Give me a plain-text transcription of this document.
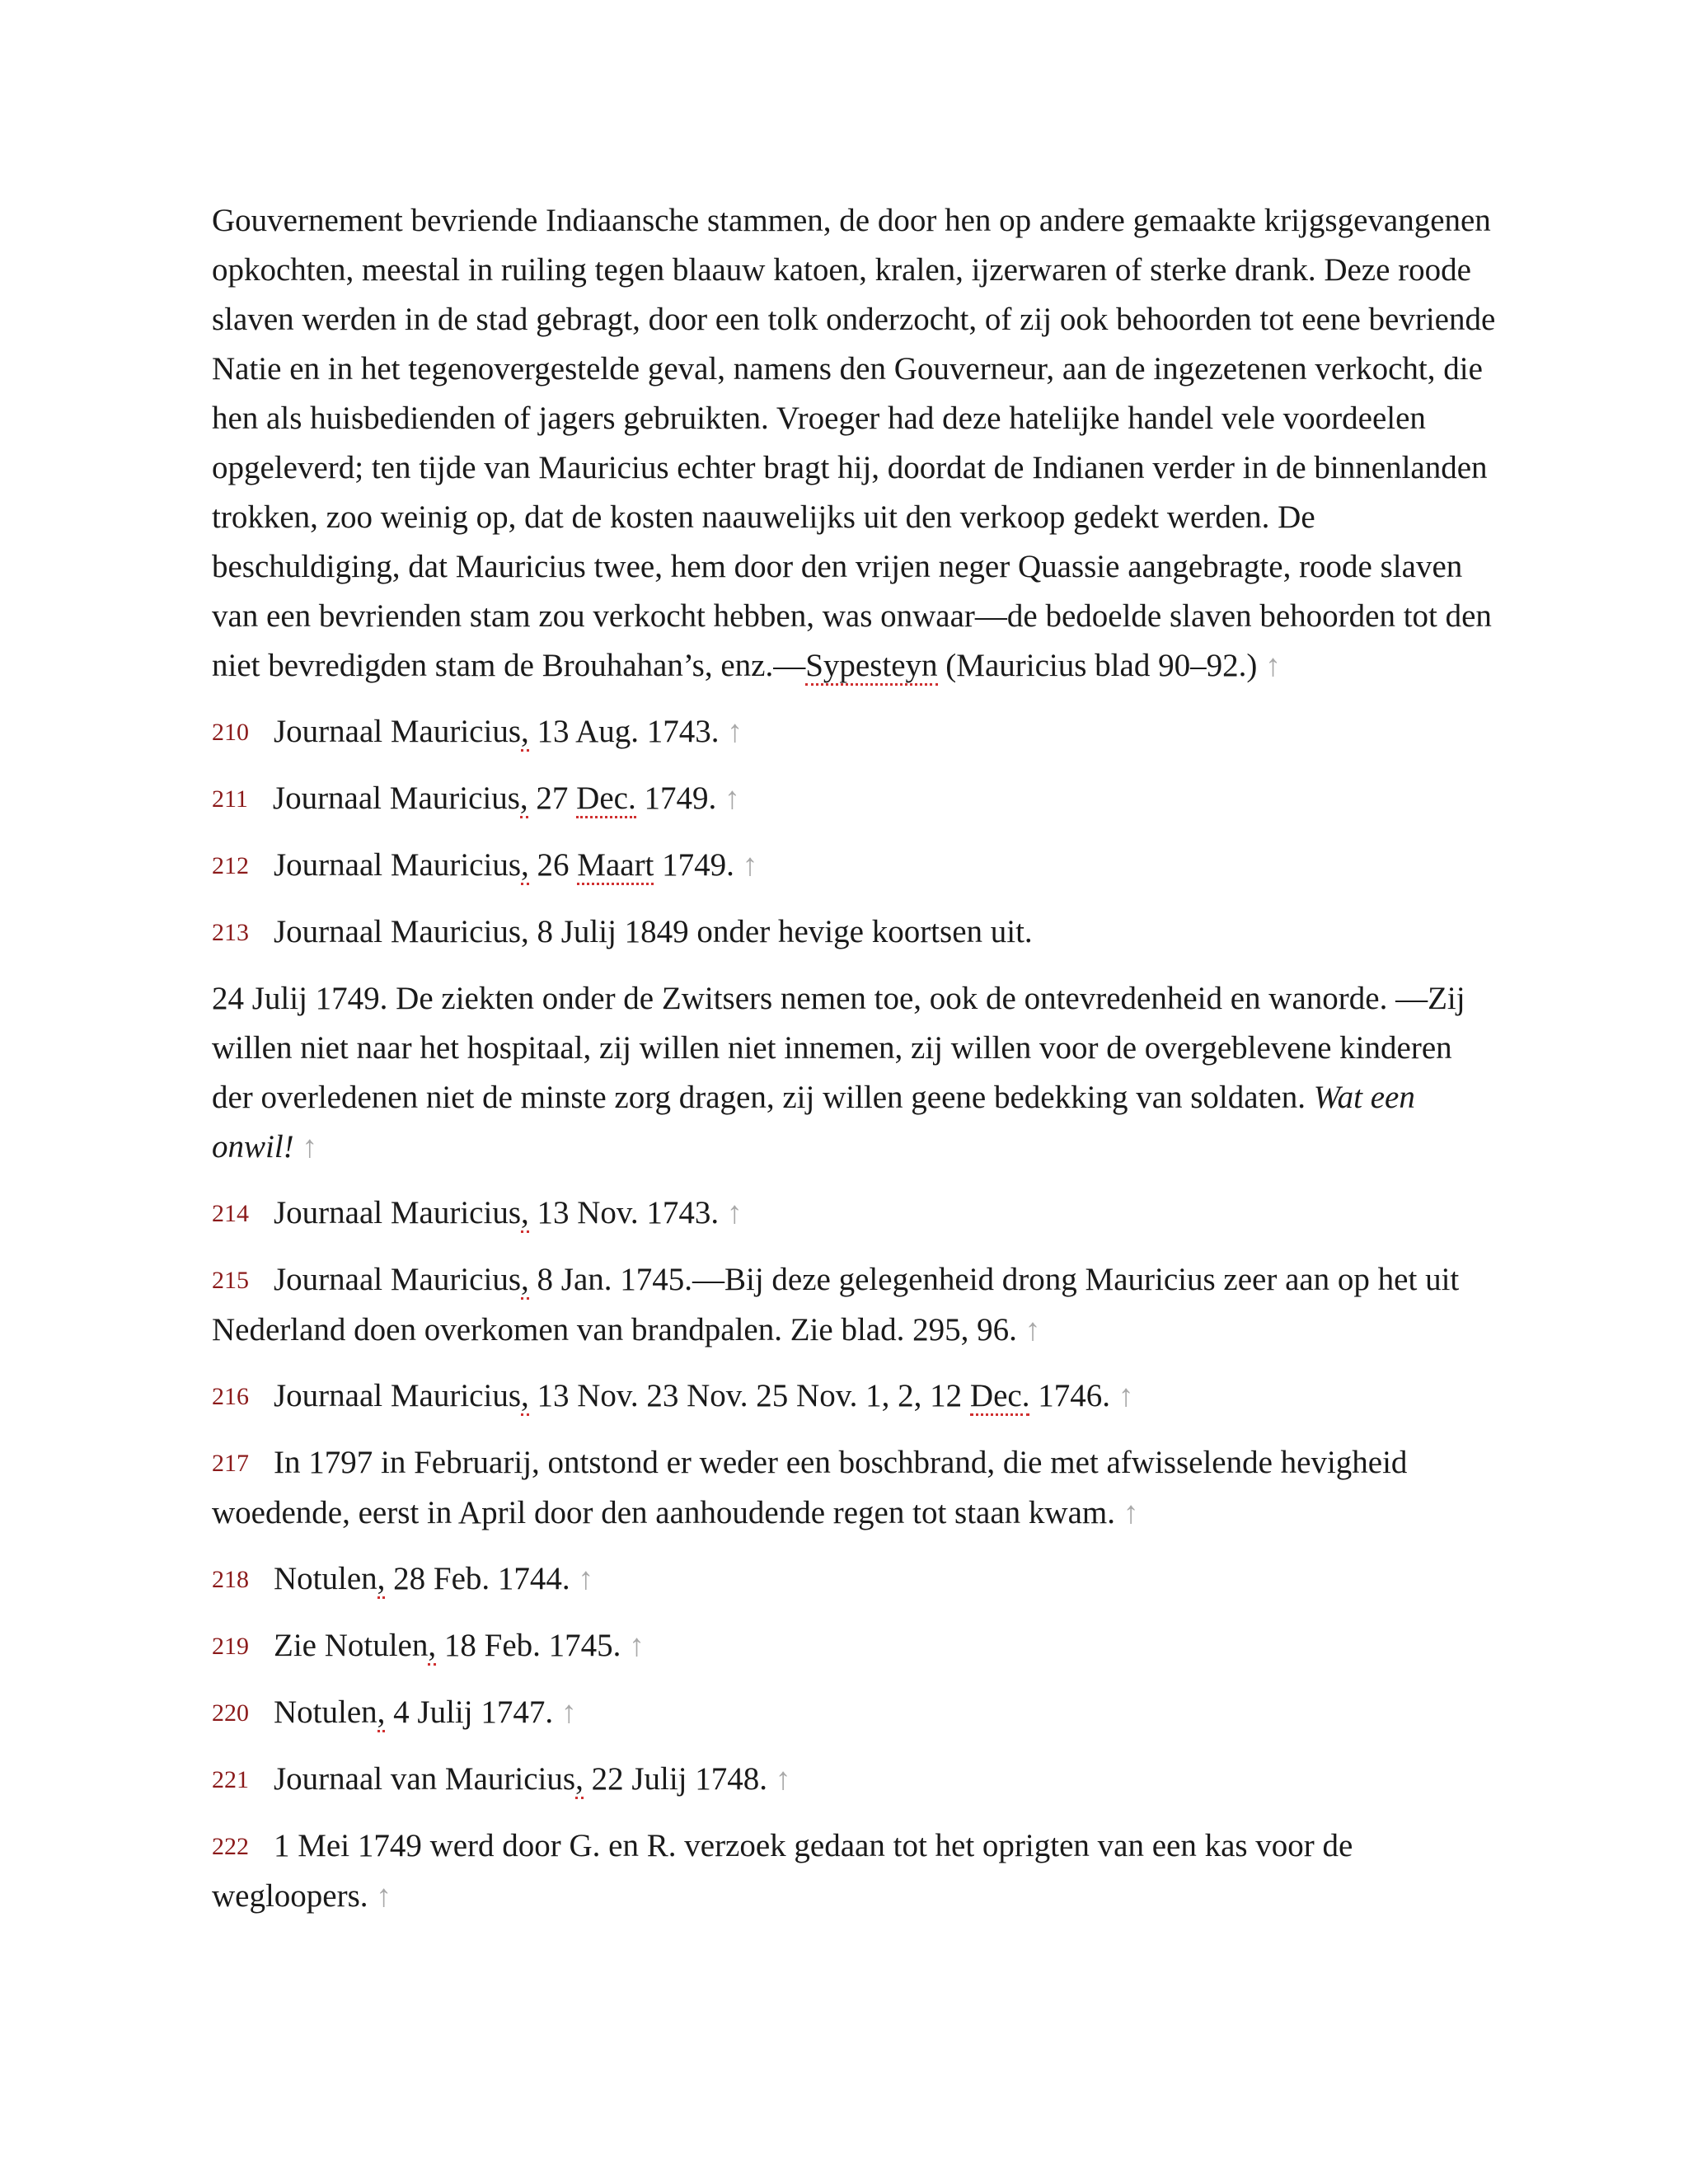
Gouvernement bevriende Indiaansche stammen, de door hen op andere gemaakte krijgsgevangenen opkochten, meestal in ruiling tegen blaauw katoen, kralen, ijzerwaren of sterke drank. Deze roode slaven werden in de stad gebragt, door een tolk onderzocht, of zij ook behoorden tot eene bevriende Natie en in het tegenovergestelde geval, namens den Gouverneur, aan de ingezetenen verkocht, die hen als huisbedienden of jagers gebruikten. Vroeger had deze hatelijke handel vele voordeelen opgeleverd; ten tijde van Mauricius echter bragt hij, doordat de Indianen verder in de binnenlanden trokken, zoo weinig op, dat de kosten naauwelijks uit den verkoop gedekt werden. De beschuldiging, dat Mauricius twee, hem door den vrijen neger Quassie aangebragte, roode slaven van een bevrienden stam zou verkocht hebben, was onwaar—de bedoelde slaven behoorden tot den niet bevredigden stam de Brouhahan’s, enz.—Sypesteyn (Mauricius blad 90–92.) ↑

210 Journaal Mauricius, 13 Aug. 1743. ↑

211 Journaal Mauricius, 27 Dec. 1749. ↑

212 Journaal Mauricius, 26 Maart 1749. ↑

213 Journaal Mauricius, 8 Julij 1849 onder hevige koortsen uit.

24 Julij 1749. De ziekten onder de Zwitsers nemen toe, ook de ontevredenheid en wanorde. —Zij willen niet naar het hospitaal, zij willen niet innemen, zij willen voor de overgeblevene kinderen der overledenen niet de minste zorg dragen, zij willen geene bedekking van soldaten. Wat een onwil! ↑

214 Journaal Mauricius, 13 Nov. 1743. ↑

215 Journaal Mauricius, 8 Jan. 1745.—Bij deze gelegenheid drong Mauricius zeer aan op het uit Nederland doen overkomen van brandpalen. Zie blad. 295, 96. ↑

216 Journaal Mauricius, 13 Nov. 23 Nov. 25 Nov. 1, 2, 12 Dec. 1746. ↑

217 In 1797 in Februarij, ontstond er weder een boschbrand, die met afwisselende hevigheid woedende, eerst in April door den aanhoudende regen tot staan kwam. ↑

218 Notulen, 28 Feb. 1744. ↑

219 Zie Notulen, 18 Feb. 1745. ↑

220 Notulen, 4 Julij 1747. ↑

221 Journaal van Mauricius, 22 Julij 1748. ↑

222 1 Mei 1749 werd door G. en R. verzoek gedaan tot het oprigten van een kas voor de wegloopers. ↑
